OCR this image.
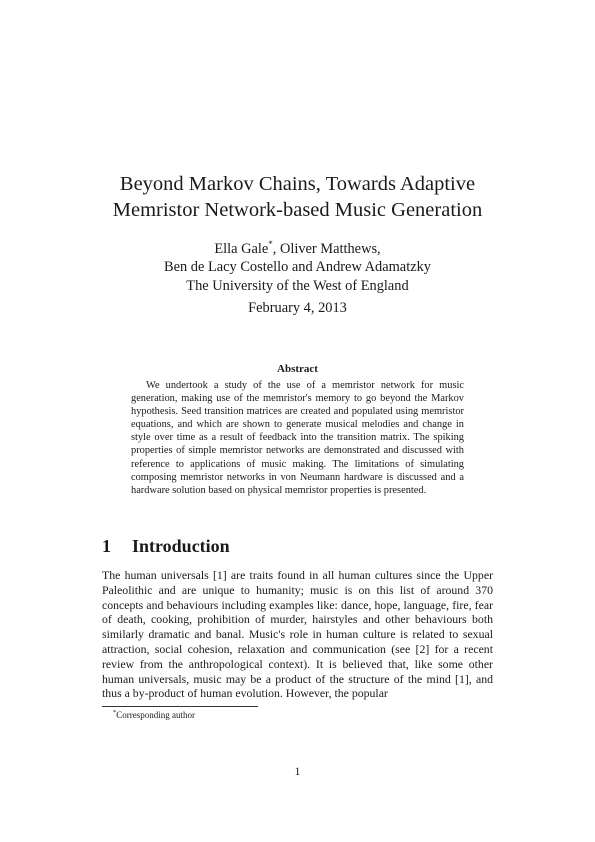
Beyond Markov Chains, Towards Adaptive
Memristor Network-based Music Generation
Ella Gale*, Oliver Matthews,
Ben de Lacy Costello and Andrew Adamatzky
The University of the West of England
February 4, 2013
Abstract

We undertook a study of the use of a memristor network for music generation, making use of the memristor's memory to go beyond the Markov hypothesis. Seed transition matrices are created and populated using memristor equations, and which are shown to generate musical melodies and change in style over time as a result of feedback into the transition matrix. The spiking properties of simple memristor networks are demonstrated and discussed with reference to applications of music making. The limitations of simulating composing memristor networks in von Neumann hardware is discussed and a hardware solution based on physical memristor properties is presented.

1 Introduction

The human universals [1] are traits found in all human cultures since the Upper Paleolithic and are unique to humanity; music is on this list of around 370 concepts and behaviours including examples like: dance, hope, language, fire, fear of death, cooking, prohibition of murder, hairstyles and other behaviours both similarly dramatic and banal. Music's role in human culture is related to sexual attraction, social cohesion, relaxation and communication (see [2] for a recent review from the anthropological context). It is believed that, like some other human universals, music may be a product of the structure of the mind [1], and thus a by-product of human evolution. However, the popular

*Corresponding author
1
